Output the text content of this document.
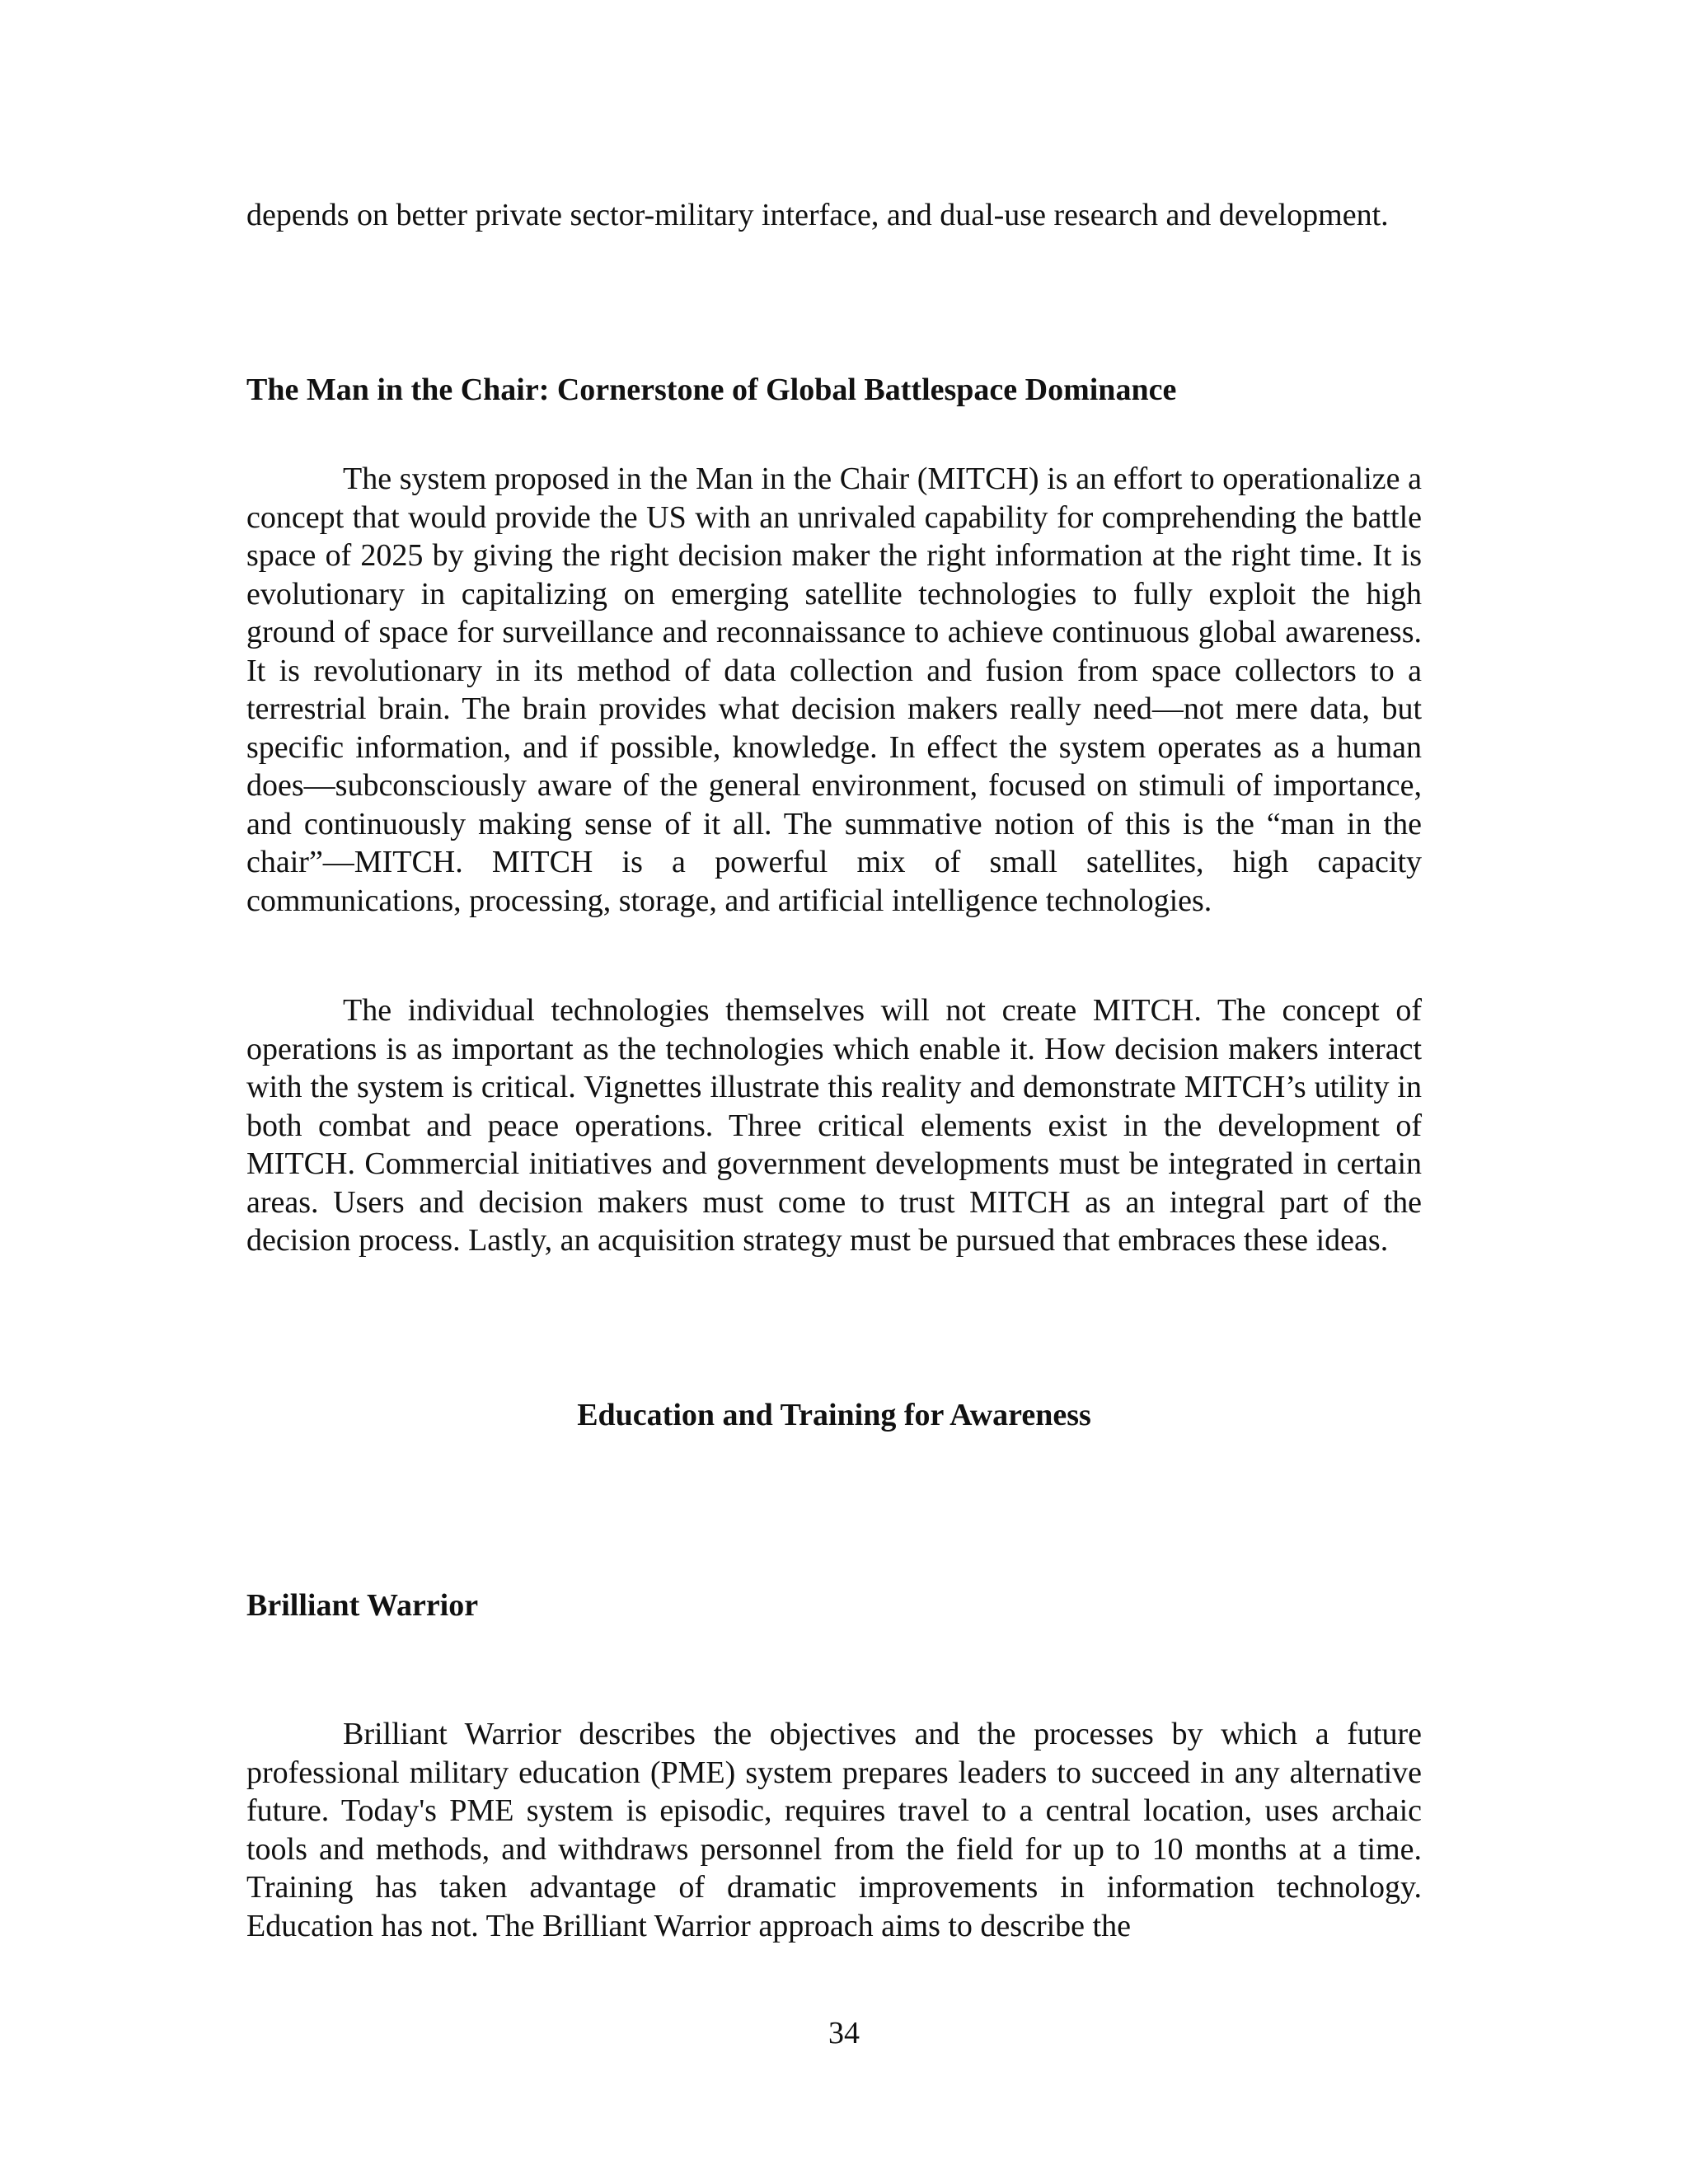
depends on better private sector-military interface, and dual-use research and development.

The Man in the Chair: Cornerstone of Global Battlespace Dominance

The system proposed in the Man in the Chair (MITCH) is an effort to operationalize a concept that would provide the US with an unrivaled capability for comprehending the battle space of 2025 by giving the right decision maker the right information at the right time. It is evolutionary in capitalizing on emerging satellite technologies to fully exploit the high ground of space for surveillance and reconnaissance to achieve continuous global awareness. It is revolutionary in its method of data collection and fusion from space collectors to a terrestrial brain. The brain provides what decision makers really need—not mere data, but specific information, and if possible, knowledge. In effect the system operates as a human does—subconsciously aware of the general environment, focused on stimuli of importance, and continuously making sense of it all. The summative notion of this is the “man in the chair”—MITCH. MITCH is a powerful mix of small satellites, high capacity communications, processing, storage, and artificial intelligence technologies.

The individual technologies themselves will not create MITCH. The concept of operations is as important as the technologies which enable it. How decision makers interact with the system is critical. Vignettes illustrate this reality and demonstrate MITCH’s utility in both combat and peace operations. Three critical elements exist in the development of MITCH. Commercial initiatives and government developments must be integrated in certain areas. Users and decision makers must come to trust MITCH as an integral part of the decision process. Lastly, an acquisition strategy must be pursued that embraces these ideas.

Education and Training for Awareness
Brilliant Warrior

Brilliant Warrior describes the objectives and the processes by which a future professional military education (PME) system prepares leaders to succeed in any alternative future. Today's PME system is episodic, requires travel to a central location, uses archaic tools and methods, and withdraws personnel from the field for up to 10 months at a time. Training has taken advantage of dramatic improvements in information technology. Education has not. The Brilliant Warrior approach aims to describe the

34
